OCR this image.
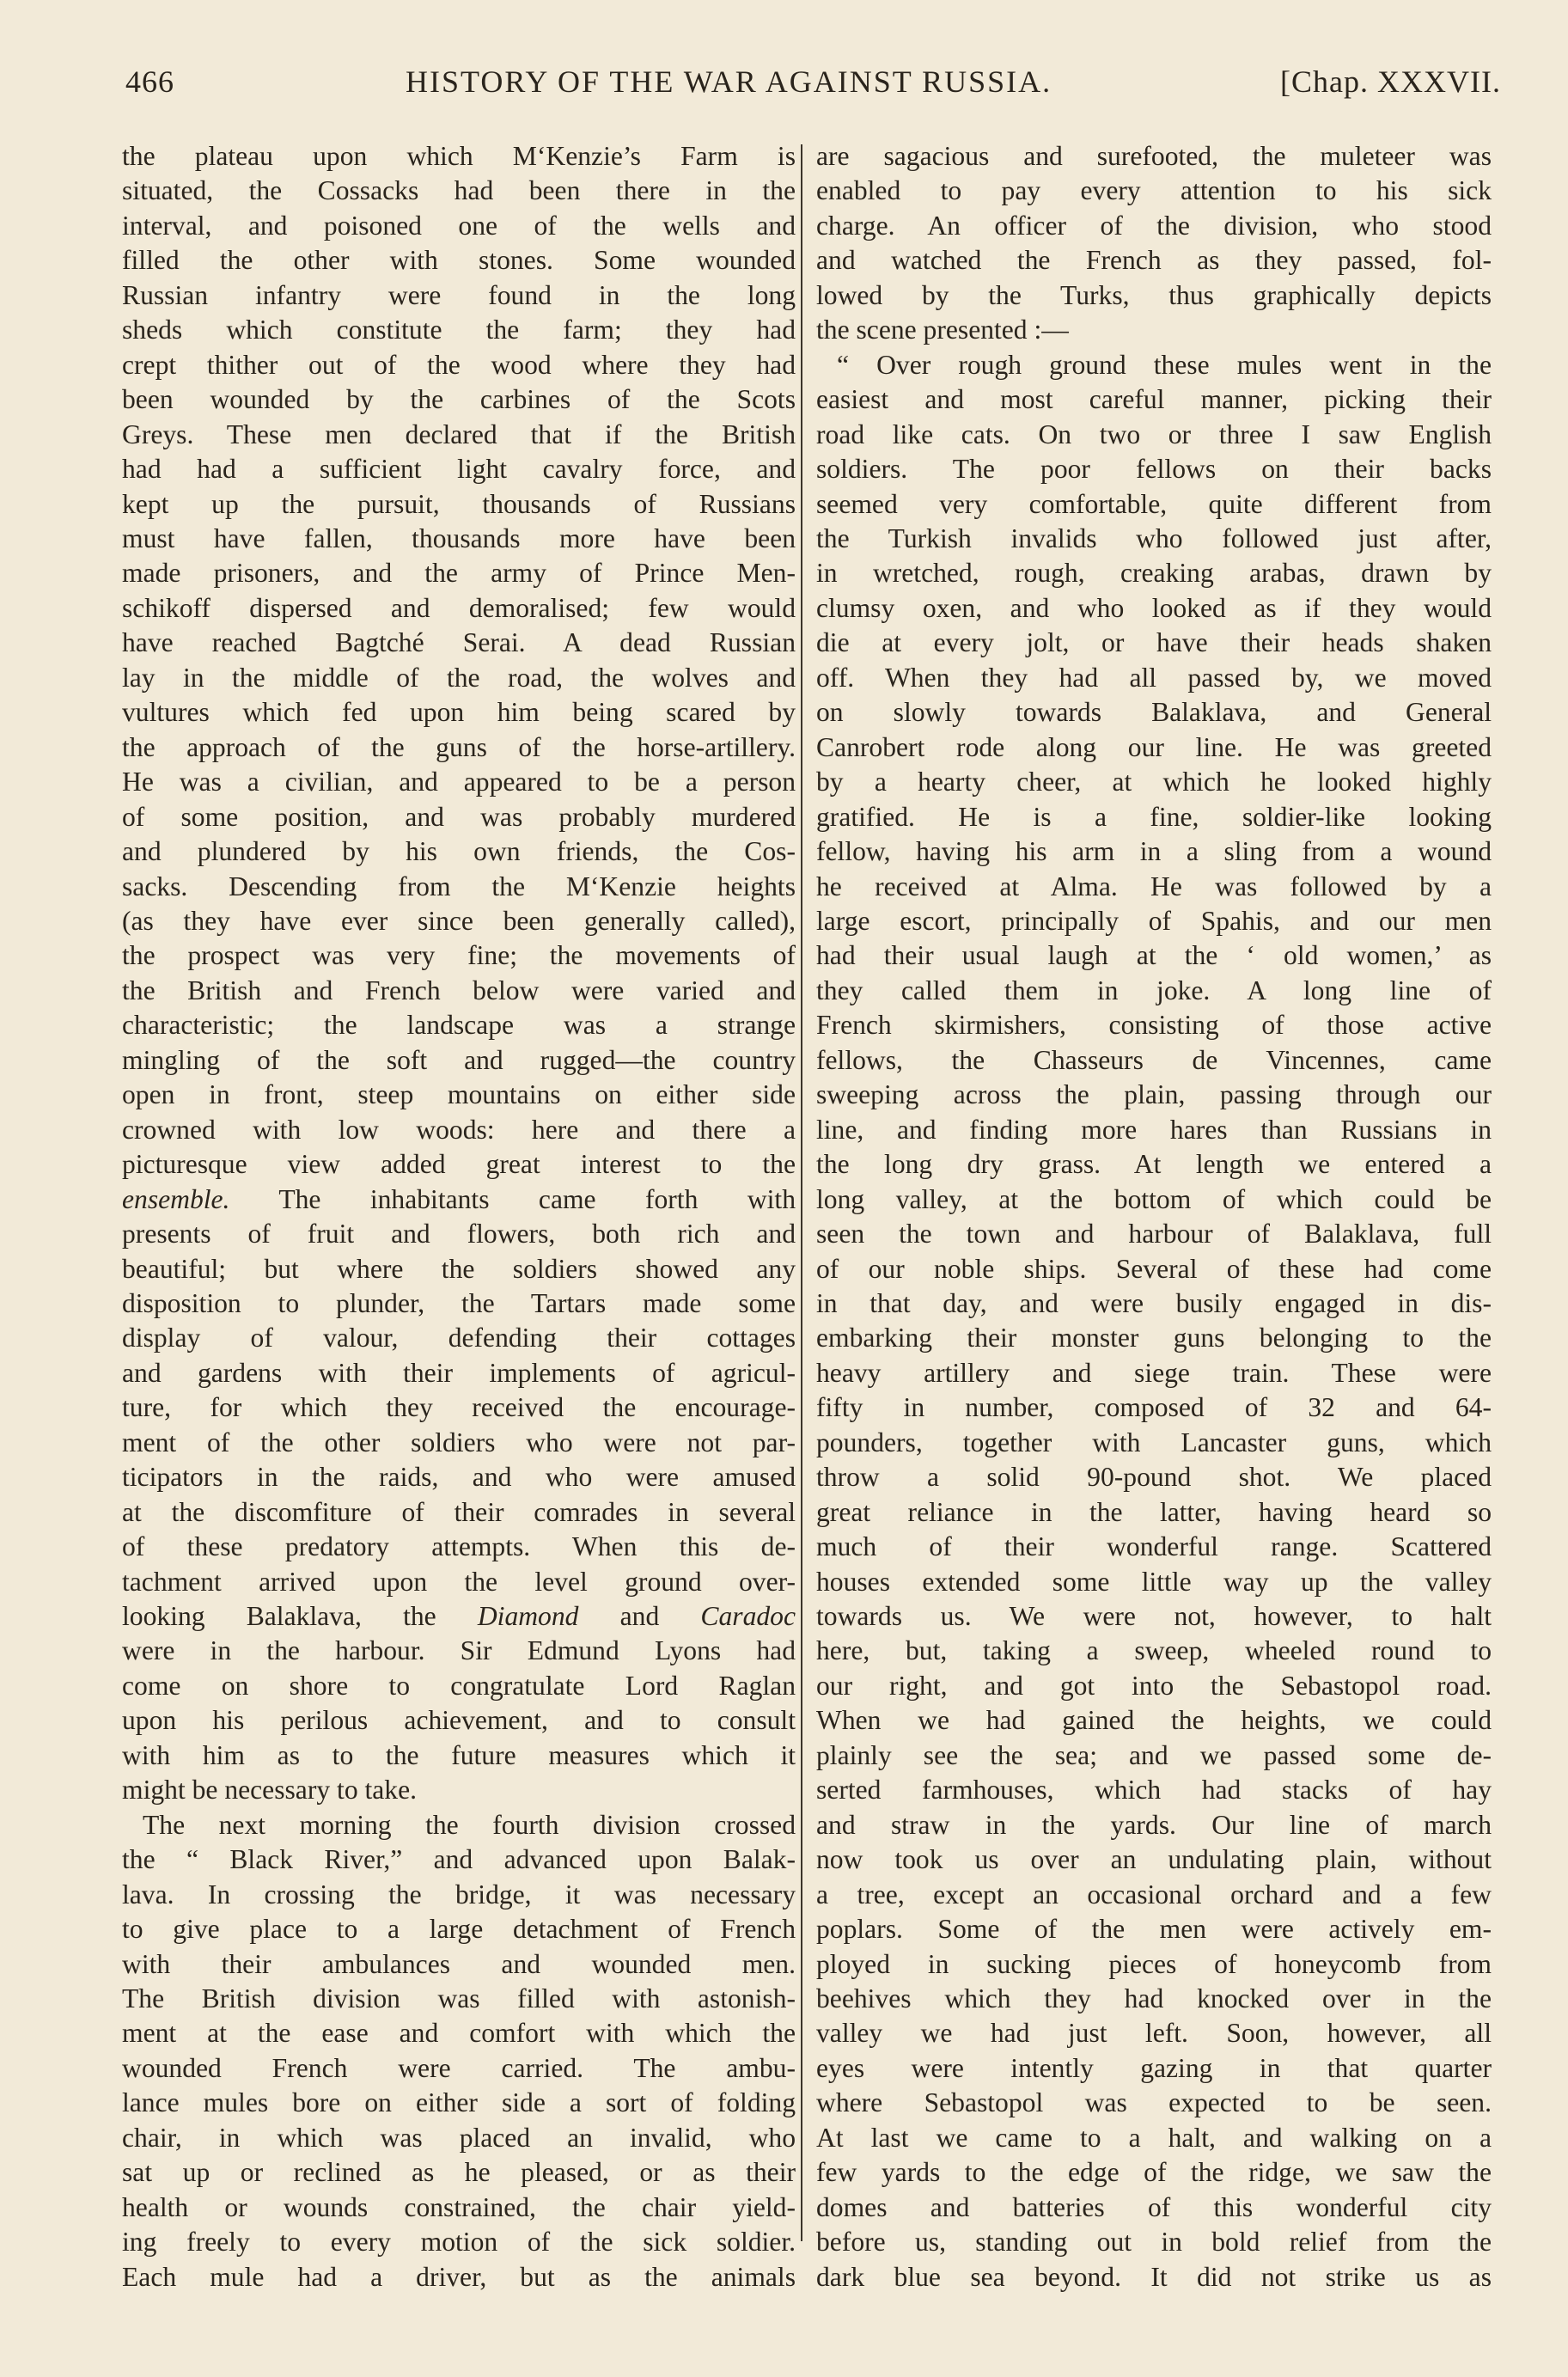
466	HISTORY OF THE WAR AGAINST RUSSIA.	[Chap. XXXVII.

the plateau upon which M‘Kenzie’s Farm is

situated, the Cossacks had been there in the

interval, and poisoned one of the wells and

filled the other with stones. Some wounded

Russian infantry were found in the long

sheds which constitute the farm; they had

crept thither out of the wood where they had

been wounded by the carbines of the Scots

Greys. These men declared that if the British

had had a sufficient light cavalry force, and

kept up the pursuit, thousands of Russians

must have fallen, thousands more have been

made prisoners, and the army of Prince Men-

schikoff dispersed and demoralised; few would

have reached Bagtché Serai. A dead Russian

lay in the middle of the road, the wolves and

vultures which fed upon him being scared by

the approach of the guns of the horse-artillery.

He was a civilian, and appeared to be a person

of some position, and was probably murdered

and plundered by his own friends, the Cos-

sacks. Descending from the M‘Kenzie heights

(as they have ever since been generally called),

the prospect was very fine; the movements of

the British and French below were varied and

characteristic; the landscape was a strange

mingling of the soft and rugged—the country

open in front, steep mountains on either side

crowned with low woods: here and there a

picturesque view added great interest to the

ensemble. The inhabitants came forth with

presents of fruit and flowers, both rich and

beautiful; but where the soldiers showed any

disposition to plunder, the Tartars made some

display of valour, defending their cottages

and gardens with their implements of agricul-

ture, for which they received the encourage-

ment of the other soldiers who were not par-

ticipators in the raids, and who were amused

at the discomfiture of their comrades in several

of these predatory attempts. When this de-

tachment arrived upon the level ground over-

looking Balaklava, the Diamond and Caradoc

were in the harbour. Sir Edmund Lyons had

come on shore to congratulate Lord Raglan

upon his perilous achievement, and to consult

with him as to the future measures which it

might be necessary to take.

The next morning the fourth division crossed

the “ Black River,” and advanced upon Balak-

lava. In crossing the bridge, it was necessary

to give place to a large detachment of French

with their ambulances and wounded men.

The British division was filled with astonish-

ment at the ease and comfort with which the

wounded French were carried. The ambu-

lance mules bore on either side a sort of folding

chair, in which was placed an invalid, who

sat up or reclined as he pleased, or as their

health or wounds constrained, the chair yield-

ing freely to every motion of the sick soldier.

Each mule had a driver, but as the animals

are sagacious and surefooted, the muleteer was

enabled to pay every attention to his sick

charge. An officer of the division, who stood

and watched the French as they passed, fol-

lowed by the Turks, thus graphically depicts

the scene presented :—

“ Over rough ground these mules went in the

easiest and most careful manner, picking their

road like cats. On two or three I saw English

soldiers. The poor fellows on their backs

seemed very comfortable, quite different from

the Turkish invalids who followed just after,

in wretched, rough, creaking arabas, drawn by

clumsy oxen, and who looked as if they would

die at every jolt, or have their heads shaken

off. When they had all passed by, we moved

on slowly towards Balaklava, and General

Canrobert rode along our line. He was greeted

by a hearty cheer, at which he looked highly

gratified. He is a fine, soldier-like looking

fellow, having his arm in a sling from a wound

he received at Alma. He was followed by a

large escort, principally of Spahis, and our men

had their usual laugh at the ‘ old women,’ as

they called them in joke. A long line of

French skirmishers, consisting of those active

fellows, the Chasseurs de Vincennes, came

sweeping across the plain, passing through our

line, and finding more hares than Russians in

the long dry grass. At length we entered a

long valley, at the bottom of which could be

seen the town and harbour of Balaklava, full

of our noble ships. Several of these had come

in that day, and were busily engaged in dis-

embarking their monster guns belonging to the

heavy artillery and siege train. These were

fifty in number, composed of 32 and 64-

pounders, together with Lancaster guns, which

throw a solid 90-pound shot. We placed

great reliance in the latter, having heard so

much of their wonderful range. Scattered

houses extended some little way up the valley

towards us. We were not, however, to halt

here, but, taking a sweep, wheeled round to

our right, and got into the Sebastopol road.

When we had gained the heights, we could

plainly see the sea; and we passed some de-

serted farmhouses, which had stacks of hay

and straw in the yards. Our line of march

now took us over an undulating plain, without

a tree, except an occasional orchard and a few

poplars. Some of the men were actively em-

ployed in sucking pieces of honeycomb from

beehives which they had knocked over in the

valley we had just left. Soon, however, all

eyes were intently gazing in that quarter

where Sebastopol was expected to be seen.

At last we came to a halt, and walking on a

few yards to the edge of the ridge, we saw the

domes and batteries of this wonderful city

before us, standing out in bold relief from the

dark blue sea beyond. It did not strike us as
